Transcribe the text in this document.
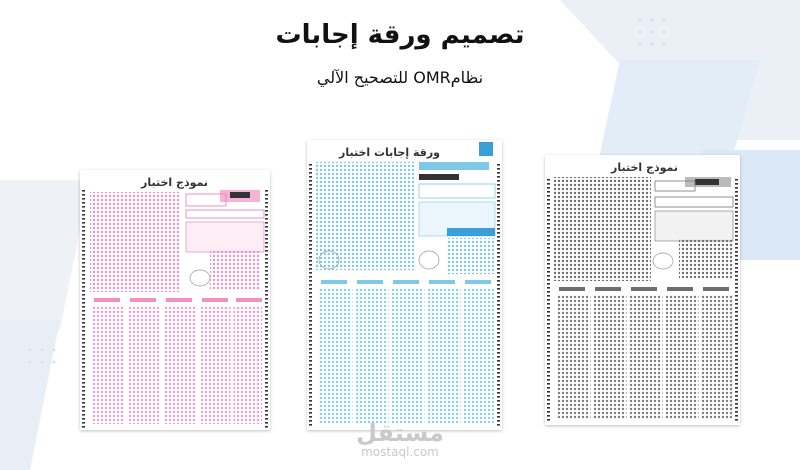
تصميم ورقة إجابات
نظامOMR للتصحيح الآلي
نموذج اختبار
ورقة إجابات اختبار
نموذج اختبار
مستقل
mostaql.com
